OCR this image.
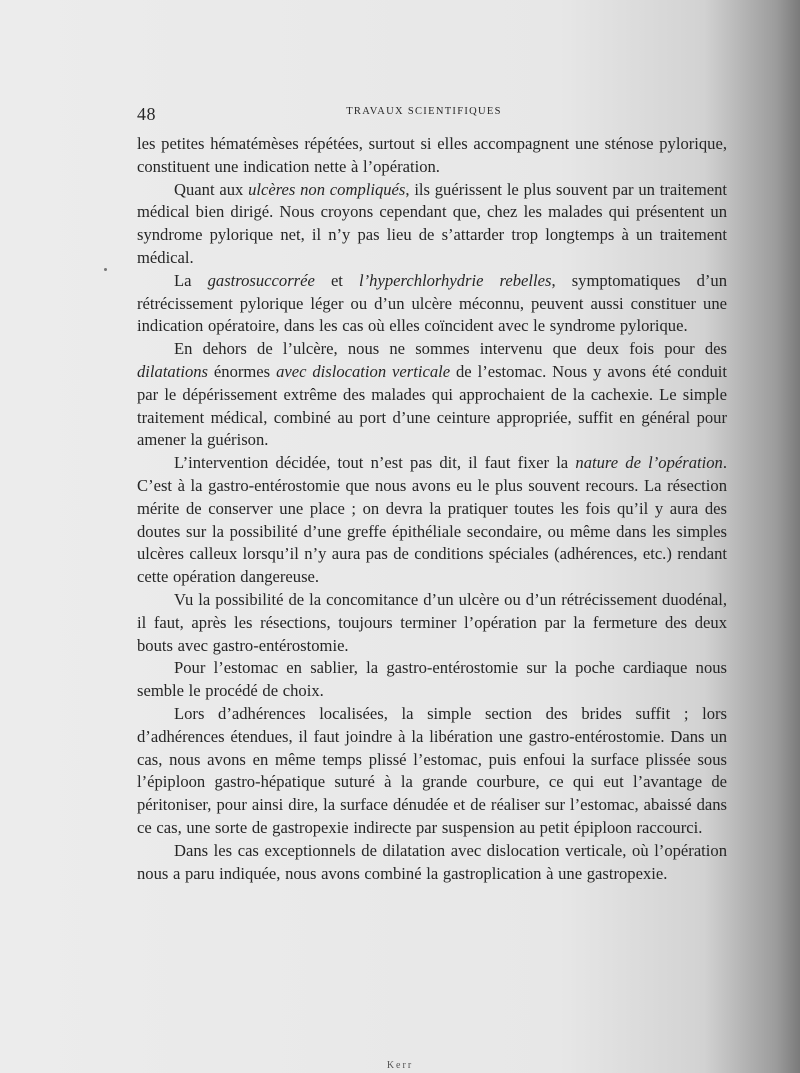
48	TRAVAUX SCIENTIFIQUES

les petites hématémèses répétées, surtout si elles accompagnent une sténose pylorique, constituent une indication nette à l’opération.

Quant aux ulcères non compliqués, ils guérissent le plus souvent par un traitement médical bien dirigé. Nous croyons cependant que, chez les malades qui présentent un syndrome pylorique net, il n’y pas lieu de s’attarder trop longtemps à un traitement médical.

La gastrosuccorrée et l’hyperchlorhydrie rebelles, symptomatiques d’un rétrécissement pylorique léger ou d’un ulcère méconnu, peuvent aussi constituer une indication opératoire, dans les cas où elles coïncident avec le syndrome pylorique.

En dehors de l’ulcère, nous ne sommes intervenu que deux fois pour des dilatations énormes avec dislocation verticale de l’estomac. Nous y avons été conduit par le dépérissement extrême des malades qui approchaient de la cachexie. Le simple traitement médical, combiné au port d’une ceinture appropriée, suffit en général pour amener la guérison.

L’intervention décidée, tout n’est pas dit, il faut fixer la nature de l’opération. C’est à la gastro-entérostomie que nous avons eu le plus souvent recours. La résection mérite de conserver une place ; on devra la pratiquer toutes les fois qu’il y aura des doutes sur la possibilité d’une greffe épithéliale secondaire, ou même dans les simples ulcères calleux lorsqu’il n’y aura pas de conditions spéciales (adhérences, etc.) rendant cette opération dangereuse.

Vu la possibilité de la concomitance d’un ulcère ou d’un rétrécissement duodénal, il faut, après les résections, toujours terminer l’opération par la fermeture des deux bouts avec gastro-entérostomie.

Pour l’estomac en sablier, la gastro-entérostomie sur la poche cardiaque nous semble le procédé de choix.

Lors d’adhérences localisées, la simple section des brides suffit ; lors d’adhérences étendues, il faut joindre à la libération une gastro-entérostomie. Dans un cas, nous avons en même temps plissé l’estomac, puis enfoui la surface plissée sous l’épiploon gastro-hépatique suturé à la grande courbure, ce qui eut l’avantage de péritoniser, pour ainsi dire, la surface dénudée et de réaliser sur l’estomac, abaissé dans ce cas, une sorte de gastropexie indirecte par suspension au petit épiploon raccourci.

Dans les cas exceptionnels de dilatation avec dislocation verticale, où l’opération nous a paru indiquée, nous avons combiné la gastroplication à une gastropexie.

Kerr
